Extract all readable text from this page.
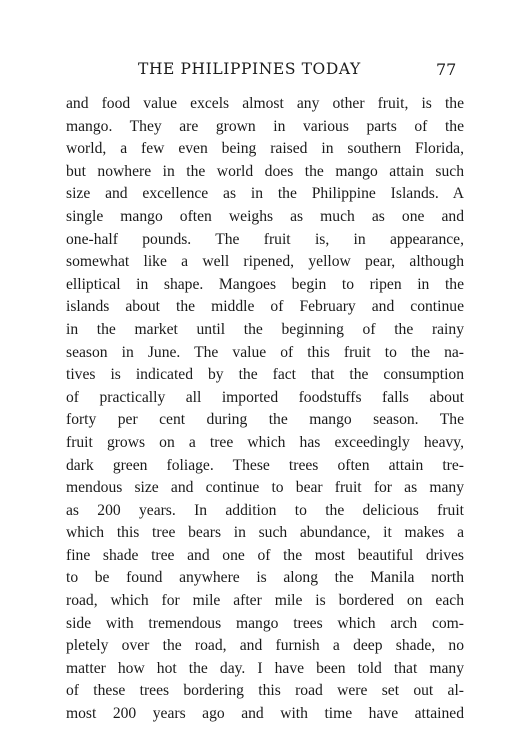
THE PHILIPPINES TODAY	77
and food value excels almost any other fruit, is the
mango. They are grown in various parts of the
world, a few even being raised in southern Florida,
but nowhere in the world does the mango attain such
size and excellence as in the Philippine Islands. A
single mango often weighs as much as one and
one-half pounds. The fruit is, in appearance,
somewhat like a well ripened, yellow pear, although
elliptical in shape. Mangoes begin to ripen in the
islands about the middle of February and continue
in the market until the beginning of the rainy
season in June. The value of this fruit to the na-
tives is indicated by the fact that the consumption
of practically all imported foodstuffs falls about
forty per cent during the mango season. The
fruit grows on a tree which has exceedingly heavy,
dark green foliage. These trees often attain tre-
mendous size and continue to bear fruit for as many
as 200 years. In addition to the delicious fruit
which this tree bears in such abundance, it makes a
fine shade tree and one of the most beautiful drives
to be found anywhere is along the Manila north
road, which for mile after mile is bordered on each
side with tremendous mango trees which arch com-
pletely over the road, and furnish a deep shade, no
matter how hot the day. I have been told that many
of these trees bordering this road were set out al-
most 200 years ago and with time have attained
